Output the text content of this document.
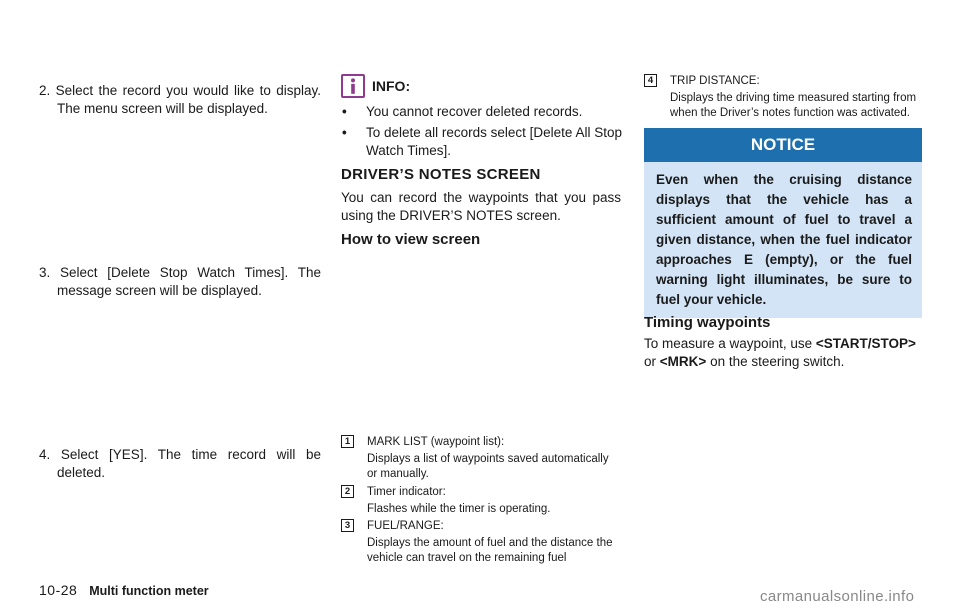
2. Select the record you would like to display.
The menu screen will be displayed.
3. Select [Delete Stop Watch Times]. The
message screen will be displayed.
4. Select [YES]. The time record will be
deleted.
INFO:
• You cannot recover deleted records.
• To delete all records select [Delete All Stop Watch Times].
DRIVER’S NOTES SCREEN
You can record the waypoints that you pass using the DRIVER’S NOTES screen.
How to view screen
1	MARK LIST (waypoint list):
Displays a list of waypoints saved automatically or manually.
2	Timer indicator:
Flashes while the timer is operating.
3	FUEL/RANGE:
Displays the amount of fuel and the distance the vehicle can travel on the remaining fuel
4	TRIP DISTANCE:
Displays the driving time measured starting from when the Driver’s notes function was activated.
NOTICE
Even when the cruising distance displays that the vehicle has a sufficient amount of fuel to travel a given distance, when the fuel indicator approaches E (empty), or the fuel warning light illuminates, be sure to fuel your vehicle.
Timing waypoints
To measure a waypoint, use <START/STOP>
or <MRK> on the steering switch.
10-28 Multi function meter	carmanualsonline.info
